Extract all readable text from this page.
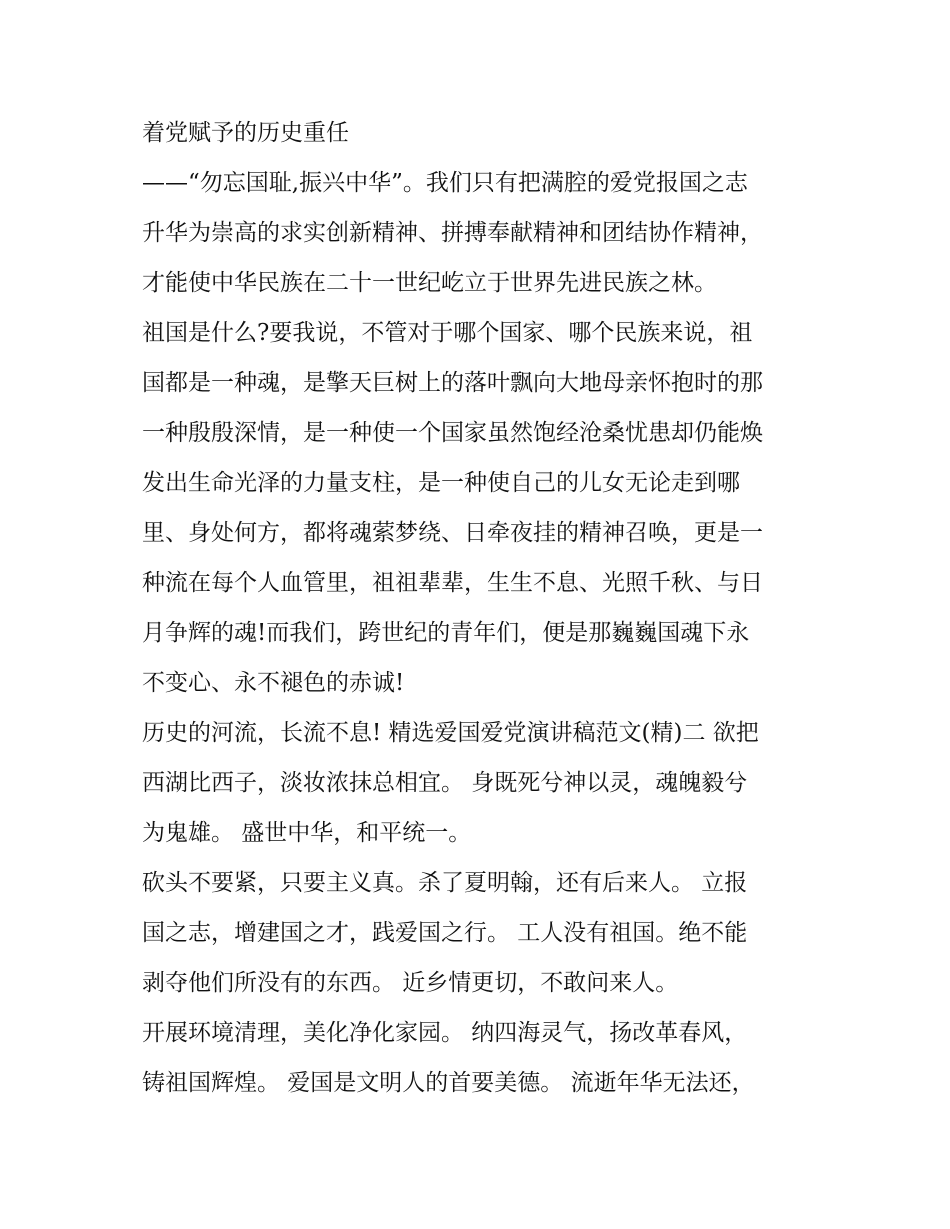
着党赋予的历史重任
——“勿忘国耻,振兴中华”。我们只有把满腔的爱党报国之志
升华为崇高的求实创新精神、拼搏奉献精神和团结协作精神，
才能使中华民族在二十一世纪屹立于世界先进民族之林。
祖国是什么?要我说，不管对于哪个国家、哪个民族来说，祖
国都是一种魂，是擎天巨树上的落叶飘向大地母亲怀抱时的那
一种殷殷深情，是一种使一个国家虽然饱经沧桑忧患却仍能焕
发出生命光泽的力量支柱，是一种使自己的儿女无论走到哪
里、身处何方，都将魂萦梦绕、日牵夜挂的精神召唤，更是一
种流在每个人血管里，祖祖辈辈，生生不息、光照千秋、与日
月争辉的魂!而我们，跨世纪的青年们，便是那巍巍国魂下永
不变心、永不褪色的赤诚!
历史的河流，长流不息! 精选爱国爱党演讲稿范文(精)二 欲把
西湖比西子，淡妆浓抹总相宜。 身既死兮神以灵，魂魄毅兮
为鬼雄。 盛世中华，和平统一。
砍头不要紧，只要主义真。杀了夏明翰，还有后来人。 立报
国之志，增建国之才，践爱国之行。 工人没有祖国。绝不能
剥夺他们所没有的东西。 近乡情更切，不敢问来人。
开展环境清理，美化净化家园。 纳四海灵气，扬改革春风，
铸祖国辉煌。 爱国是文明人的首要美德。 流逝年华无法还，
